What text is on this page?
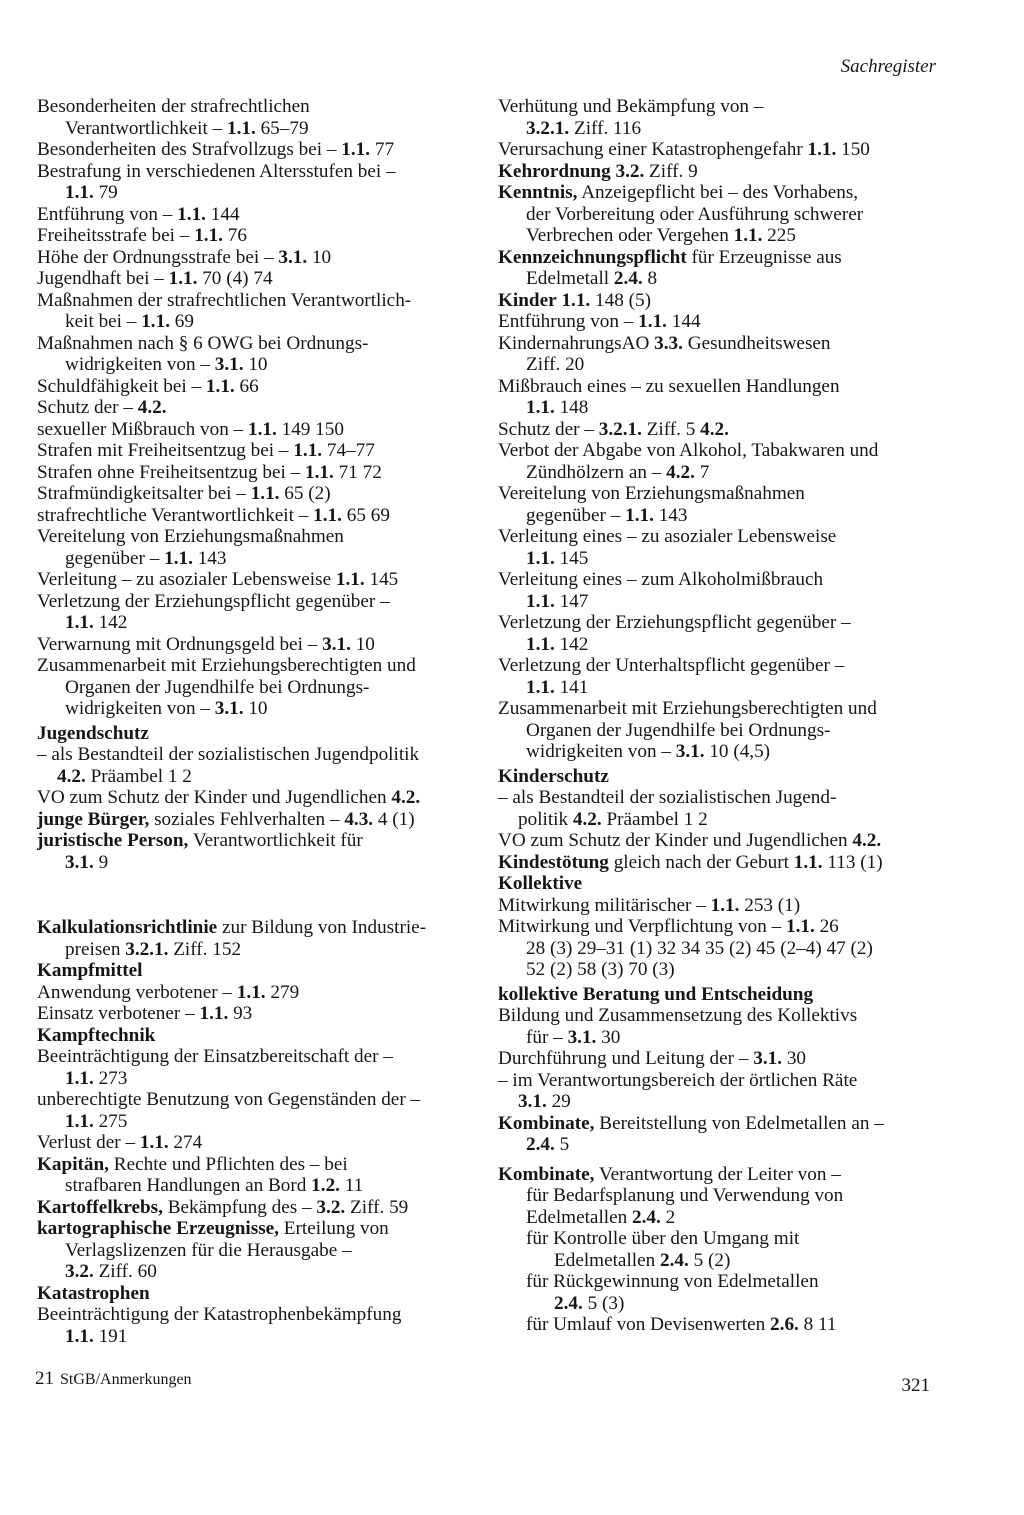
Sachregister
Besonderheiten der strafrechtlichen
Verantwortlichkeit – 1.1. 65–79
Besonderheiten des Strafvollzugs bei – 1.1. 77
Bestrafung in verschiedenen Altersstufen bei –
1.1. 79
Entführung von – 1.1. 144
Freiheitsstrafe bei – 1.1. 76
Höhe der Ordnungsstrafe bei – 3.1. 10
Jugendhaft bei – 1.1. 70 (4) 74
Maßnahmen der strafrechtlichen Verantwortlich-
keit bei – 1.1. 69
Maßnahmen nach § 6 OWG bei Ordnungs-
widrigkeiten von – 3.1. 10
Schuldfähigkeit bei – 1.1. 66
Schutz der – 4.2.
sexueller Mißbrauch von – 1.1. 149 150
Strafen mit Freiheitsentzug bei – 1.1. 74–77
Strafen ohne Freiheitsentzug bei – 1.1. 71 72
Strafmündigkeitsalter bei – 1.1. 65 (2)
strafrechtliche Verantwortlichkeit – 1.1. 65 69
Vereitelung von Erziehungsmaßnahmen
gegenüber – 1.1. 143
Verleitung – zu asozialer Lebensweise 1.1. 145
Verletzung der Erziehungspflicht gegenüber –
1.1. 142
Verwarnung mit Ordnungsgeld bei – 3.1. 10
Zusammenarbeit mit Erziehungsberechtigten und
Organen der Jugendhilfe bei Ordnungs-
widrigkeiten von – 3.1. 10
Jugendschutz
– als Bestandteil der sozialistischen Jugendpolitik
4.2. Präambel 1 2
VO zum Schutz der Kinder und Jugendlichen 4.2.
junge Bürger, soziales Fehlverhalten – 4.3. 4 (1)
juristische Person, Verantwortlichkeit für
3.1. 9
Kalkulationsrichtlinie zur Bildung von Industrie-
preisen 3.2.1. Ziff. 152
Kampfmittel
Anwendung verbotener – 1.1. 279
Einsatz verbotener – 1.1. 93
Kampftechnik
Beeinträchtigung der Einsatzbereitschaft der –
1.1. 273
unberechtigte Benutzung von Gegenständen der –
1.1. 275
Verlust der – 1.1. 274
Kapitän, Rechte und Pflichten des – bei
strafbaren Handlungen an Bord 1.2. 11
Kartoffelkrebs, Bekämpfung des – 3.2. Ziff. 59
kartographische Erzeugnisse, Erteilung von
Verlagslizenzen für die Herausgabe –
3.2. Ziff. 60
Katastrophen
Beeinträchtigung der Katastrophenbekämpfung
1.1. 191
Verhütung und Bekämpfung von –
3.2.1. Ziff. 116
Verursachung einer Katastrophengefahr 1.1. 150
Kehrordnung 3.2. Ziff. 9
Kenntnis, Anzeigepflicht bei – des Vorhabens,
der Vorbereitung oder Ausführung schwerer
Verbrechen oder Vergehen 1.1. 225
Kennzeichnungspflicht für Erzeugnisse aus
Edelmetall 2.4. 8
Kinder 1.1. 148 (5)
Entführung von – 1.1. 144
KindernahrungsAO 3.3. Gesundheitswesen
Ziff. 20
Mißbrauch eines – zu sexuellen Handlungen
1.1. 148
Schutz der – 3.2.1. Ziff. 5 4.2.
Verbot der Abgabe von Alkohol, Tabakwaren und
Zündhölzern an – 4.2. 7
Vereitelung von Erziehungsmaßnahmen
gegenüber – 1.1. 143
Verleitung eines – zu asozialer Lebensweise
1.1. 145
Verleitung eines – zum Alkoholmißbrauch
1.1. 147
Verletzung der Erziehungspflicht gegenüber –
1.1. 142
Verletzung der Unterhaltspflicht gegenüber –
1.1. 141
Zusammenarbeit mit Erziehungsberechtigten und
Organen der Jugendhilfe bei Ordnungs-
widrigkeiten von – 3.1. 10 (4,5)
Kinderschutz
– als Bestandteil der sozialistischen Jugend-
politik 4.2. Präambel 1 2
VO zum Schutz der Kinder und Jugendlichen 4.2.
Kindestötung gleich nach der Geburt 1.1. 113 (1)
Kollektive
Mitwirkung militärischer – 1.1. 253 (1)
Mitwirkung und Verpflichtung von – 1.1. 26
28 (3) 29–31 (1) 32 34 35 (2) 45 (2–4) 47 (2)
52 (2) 58 (3) 70 (3)
kollektive Beratung und Entscheidung
Bildung und Zusammensetzung des Kollektivs
für – 3.1. 30
Durchführung und Leitung der – 3.1. 30
– im Verantwortungsbereich der örtlichen Räte
3.1. 29
Kombinate, Bereitstellung von Edelmetallen an –
2.4. 5
Kombinate, Verantwortung der Leiter von –
für Bedarfsplanung und Verwendung von
Edelmetallen 2.4. 2
für Kontrolle über den Umgang mit
Edelmetallen 2.4. 5 (2)
für Rückgewinnung von Edelmetallen
2.4. 5 (3)
für Umlauf von Devisenwerten 2.6. 8 11
21 StGB/Anmerkungen	321
